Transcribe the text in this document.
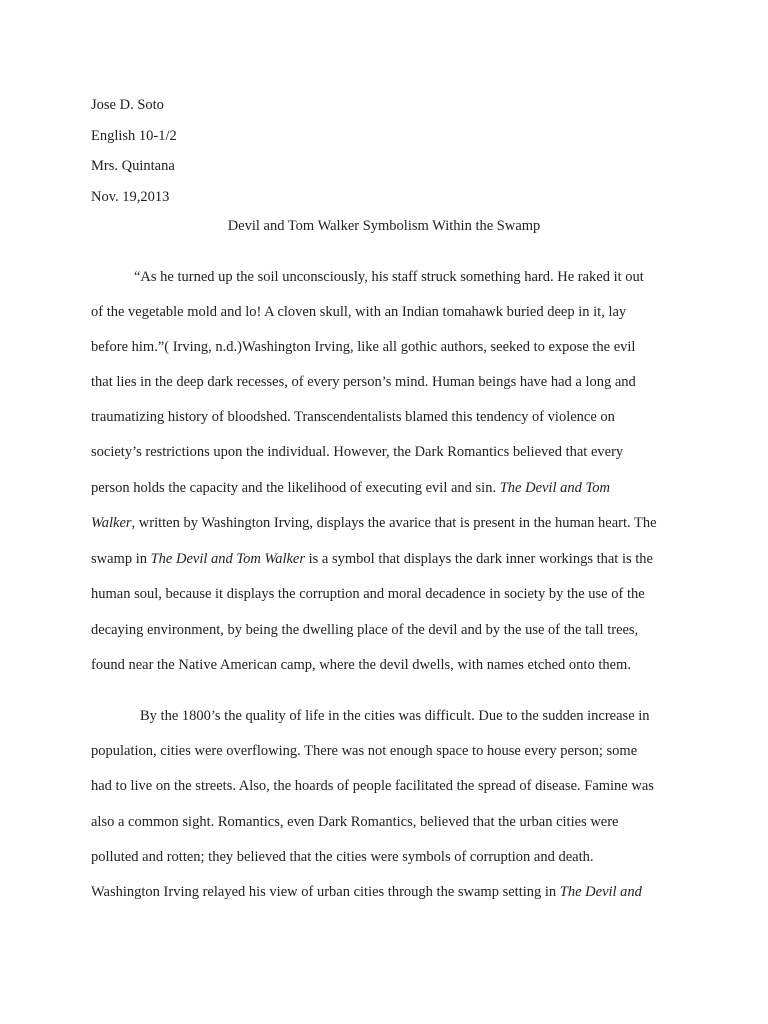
Jose D. Soto
English 10-1/2
Mrs. Quintana
Nov. 19,2013
Devil and Tom Walker Symbolism Within the Swamp
“As he turned up the soil unconsciously, his staff struck something hard. He raked it out
of the vegetable mold and lo! A cloven skull, with an Indian tomahawk buried deep in it, lay
before him.”( Irving, n.d.)Washington Irving, like all gothic authors, seeked to expose the evil
that lies in the deep dark recesses, of every person’s mind. Human beings have had a long and
traumatizing history of bloodshed. Transcendentalists blamed this tendency of violence on
society’s restrictions upon the individual. However, the Dark Romantics believed that every
person holds the capacity and the likelihood of executing evil and sin. The Devil and Tom
Walker, written by Washington Irving, displays the avarice that is present in the human heart. The
swamp in The Devil and Tom Walker is a symbol that displays the dark inner workings that is the
human soul, because it displays the corruption and moral decadence in society by the use of the
decaying environment, by being the dwelling place of the devil and by the use of the tall trees,
found near the Native American camp, where the devil dwells, with names etched onto them.
By the 1800’s the quality of life in the cities was difficult. Due to the sudden increase in
population, cities were overflowing. There was not enough space to house every person; some
had to live on the streets. Also, the hoards of people facilitated the spread of disease. Famine was
also a common sight. Romantics, even Dark Romantics, believed that the urban cities were
polluted and rotten; they believed that the cities were symbols of corruption and death.
Washington Irving relayed his view of urban cities through the swamp setting in The Devil and
